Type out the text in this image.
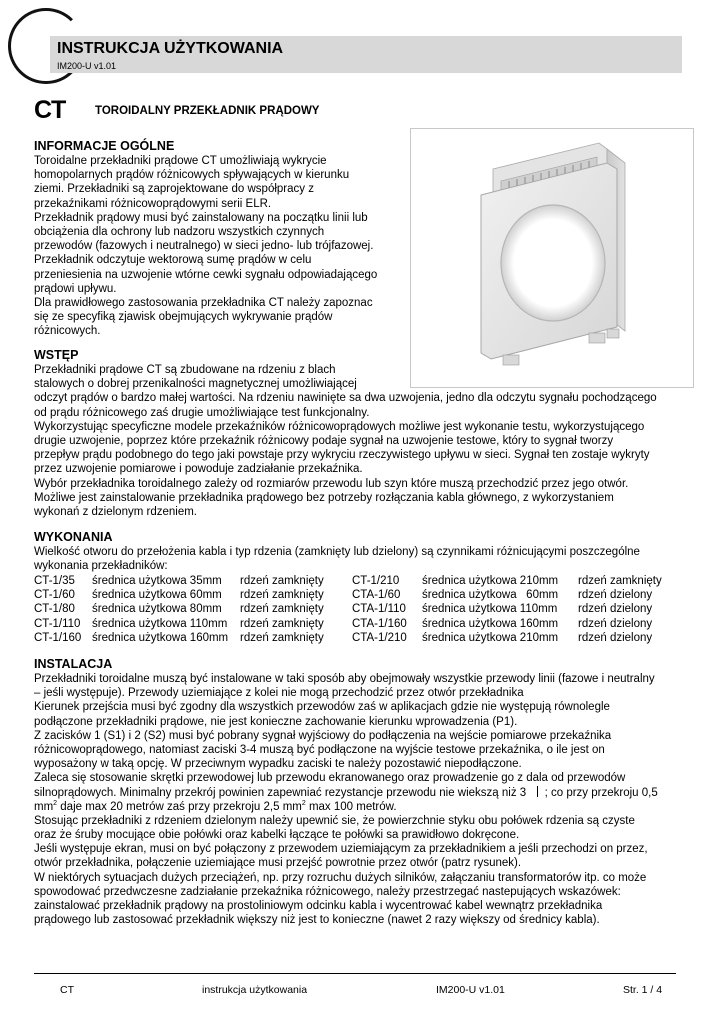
INSTRUKCJA UŻYTKOWANIA
IM200-U v1.01
CT	TOROIDALNY PRZEKŁADNIK PRĄDOWY
INFORMACJE OGÓLNE
Toroidalne przekładniki prądowe CT umożliwiają wykrycie
homopolarnych prądów różnicowych spływających w kierunku
ziemi. Przekładniki są zaprojektowane do współpracy z
przekaźnikami różnicowoprądowymi serii ELR.
Przekładnik prądowy musi być zainstalowany na początku linii lub
obciążenia dla ochrony lub nadzoru wszystkich czynnych
przewodów (fazowych i neutralnego) w sieci jedno- lub trójfazowej.
Przekładnik odczytuje wektorową sumę prądów w celu
przeniesienia na uzwojenie wtórne cewki sygnału odpowiadającego
prądowi upływu.
Dla prawidłowego zastosowania przekładnika CT należy zapoznac
się ze specyfiką zjawisk obejmujących wykrywanie prądów
różnicowych.
WSTĘP
Przekładniki prądowe CT są zbudowane na rdzeniu z blach
stalowych o dobrej przenikalności magnetycznej umożliwiającej
odczyt prądów o bardzo małej wartości. Na rdzeniu nawinięte sa dwa uzwojenia, jedno dla odczytu sygnału pochodzącego
od prądu różnicowego zaś drugie umożliwiające test funkcjonalny.
Wykorzystując specyficzne modele przekaźników różnicowoprądowych możliwe jest wykonanie testu, wykorzystującego
drugie uzwojenie, poprzez które przekaźnik różnicowy podaje sygnał na uzwojenie testowe, który to sygnał tworzy
przepływ prądu podobnego do tego jaki powstaje przy wykryciu rzeczywistego upływu w sieci. Sygnał ten zostaje wykryty
przez uzwojenie pomiarowe i powoduje zadziałanie przekaźnika.
Wybór przekładnika toroidalnego zależy od rozmiarów przewodu lub szyn które muszą przechodzić przez jego otwór.
Możliwe jest zainstalowanie przekładnika prądowego bez potrzeby rozłączania kabla głównego, z wykorzystaniem
wykonań z dzielonym rdzeniem.
WYKONANIA
Wielkość otworu do przełożenia kabla i typ rdzenia (zamknięty lub dzielony) są czynnikami różnicującymi poszczególne
wykonania przekładników:
CT-1/35 średnica użytkowa 35mm rdzeń zamknięty CT-1/210 średnica użytkowa 210mm rdzeń zamknięty
CT-1/60 średnica użytkowa 60mm rdzeń zamknięty CTA-1/60 średnica użytkowa   60mm rdzeń dzielony
CT-1/80 średnica użytkowa 80mm rdzeń zamknięty CTA-1/110 średnica użytkowa 110mm rdzeń dzielony
CT-1/110 średnica użytkowa 110mm rdzeń zamknięty CTA-1/160 średnica użytkowa 160mm rdzeń dzielony
CT-1/160 średnica użytkowa 160mm rdzeń zamknięty CTA-1/210 średnica użytkowa 210mm rdzeń dzielony
INSTALACJA
Przekładniki toroidalne muszą być instalowane w taki sposób aby obejmowały wszystkie przewody linii (fazowe i neutralny
– jeśli występuje). Przewody uziemiające z kolei nie mogą przechodzić przez otwór przekładnika
Kierunek przejścia musi być zgodny dla wszystkich przewodów zaś w aplikacjach gdzie nie występują równolegle
podłączone przekładniki prądowe, nie jest konieczne zachowanie kierunku wprowadzenia (P1).
Z zacisków 1 (S1) i 2 (S2) musi być pobrany sygnał wyjściowy do podłączenia na wejście pomiarowe przekaźnika
różnicowoprądowego, natomiast zaciski 3-4 muszą być podłączone na wyjście testowe przekaźnika, o ile jest on
wyposażony w taką opcję. W przeciwnym wypadku zaciski te należy pozostawić niepodłączone.
Zaleca się stosowanie skrętki przewodowej lub przewodu ekranowanego oraz prowadzenie go z dala od przewodów
silnoprądowych. Minimalny przekrój powinien zapewniać rezystancje przewodu nie wiekszą niż 3 ; co przy przekroju 0,5
$mm^2$ daje max 20 metrów zaś przy przekroju 2,5 $mm^2$ max 100 metrów.
Stosując przekładniki z rdzeniem dzielonym należy upewnić sie, że powierzchnie styku obu połówek rdzenia są czyste
oraz że śruby mocujące obie połówki oraz kabelki łączące te połówki sa prawidłowo dokręcone.
Jeśli występuje ekran, musi on być połączony z przewodem uziemiającym za przekładnikiem a jeśli przechodzi on przez,
otwór przekładnika, połączenie uziemiające musi przejść powrotnie przez otwór (patrz rysunek).
W niektórych sytuacjach dużych przeciążeń, np. przy rozruchu dużych silników, załączaniu transformatorów itp. co może
spowodować przedwczesne zadziałanie przekaźnika różnicowego, należy przestrzegać nastepujących wskazówek:
zainstalować przekładnik prądowy na prostoliniowym odcinku kabla i wycentrować kabel wewnątrz przekładnika
prądowego lub zastosować przekładnik większy niż jest to konieczne (nawet 2 razy większy od średnicy kabla).
CT	instrukcja użytkowania	IM200-U v1.01	Str. 1 / 4
